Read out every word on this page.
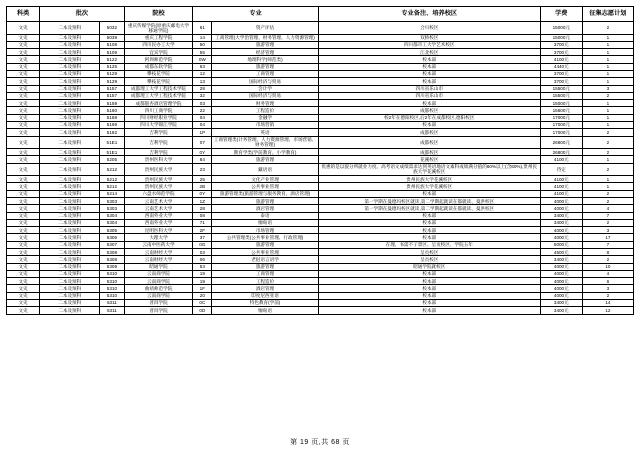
科类	批次		院校	专业		专业备注、培养校区	学费	征集志愿计划
文史	二本及预科	5032	重庆传媒学院(原重庆邮电大学移通学院)	61	资产评估	合川校区	15000元	2
文史	二本及预科	5039	重庆工程学院	14	工商管理(大学治管理、财务管理、人力资源管理)	双桥校区	15000元	1
文史	二本及预科	5108	四川民办工大学	50	旅游管理	四川都市工大学艺术校区	3700元	1
文史	二本及预科	5109	宜宾学院	55	经济管理	江北校区	3700元	1
文史	二本及预科	5122	阿坝师范学院	0W	地理科学(师范类)	校本部	4100元	1
文史	二本及预科	5125	成都东软学院	63	旅游管理	校本部	4440元	1
文史	二本及预科	5129	攀枝花学院	12	工商管理	校本部	3700元	1
文史	二本及预科	5129	攀枝花学院	13	国际经济与贸易	校本部	3700元	1
文史	二本及预科	5157	成都理工大学工程技术学院	28	会计学	四川省乐山市	15500元	3
文史	二本及预科	5157	成都理工大学工程技术学院	32	国际经济与贸易	四川省乐山市	15500元	2
文史	二本及预科	5159	成都银杏酒店管理学院	03	财务管理	校本部	15000元	1
文史	二本及预科	5160	四川工商学院	22	工程造价	成都校区	15600元	1
文史	二本及预科	5168	四川财经职业学院	04	金融学	校2年在德阳校区,后2年在成都校区,德阳校区	17000元	1
文史	二本及预科	5169	四川大学锦江学院	04	市场营销	校本部	17000元	1
文史	二本及预科	5182	吉利学院	1P	英语	成都校区	17000元	2
文史	二本及预科	51E1	吉利学院	07	工商管理类(计务管理、人力资源管理、市场营销、财务管理)	成都校区	26800元	2
文史	二本及预科	51E1	吉利学院	0Y	教育学类(学前教育、小学教育)	成都校区	26800元	2
文史	二本及预科	5205	贵州医科大学	84	旅游管理	花溪校区	4100元	1
文史	二本及预科	5212	贵州民族大学	23	藏语语	优惠的是以貌分所就业力度、高考语文成绩需求达到英语地语文素科成绩满分值的60%以上(含60%),贵州民族大学花溪校区	待定	2
文史	二本及预科	5212	贵州民族大学	25	文化产业管理	贵州民族大学花溪校区	4100元	1
文史	二本及预科	5212	贵州民族大学	2B	公共事业管理	贵州民族大学花溪校区	4100元	1
文史	二本及预科	5214	六盘水师范学院	0Y	旅游管理类(旅游管理与服务教育、酒店管理)	校本部	4100元	2
文史	二本及预科	5303	云南艺术大学	1Z	旅游管理	第一学期在曼德玛校区就读,第二学期起就读在都就读、曼洪校区	4000元	2
文史	二本及预科	5303	云南艺术大学	28	酒店管理	第一学期在曼德玛校区就读,第二学期起就读在都就读、曼洪校区	4000元	4
文史	二本及预科	5304	西南外业大学	08	泰语	校本部	3400元	7
文史	二本及预科	5304	西南外业大学	71	缅甸语	校本部	3400元	2
文史	二本及预科	5305	昆明医科大学	2F	市场管理	校本部	4000元	3
文史	二本及预科	5306	大理大学	37	公共管理类(公共事业管理、行政管理)	校本部	4000元	17
文史	二本及预科	5307	云南中医药大学	0G	旅游管理	在理、书需不子景区、呈贡校区、学院五年	5000元	7
文史	二本及预科	5308	云南财经大学	03	公共事业管理	呈贡校区	4500元	8
文史	二本及预科	5308	云南财经大学	06	老挝语言语学	呈贡校区	3400元	2
文史	二本及预科	5309	昭通学院	53	旅游管理	昭通学院就校区	4000元	10
文史	二本及预科	5310	云南商学院	19	工商管理	校本部	4000元	4
文史	二本及预科	5310	云南商学院	19	工程造价	校本部	4000元	6
文史	二本及预科	5310	曲靖师范学院	1F	酒店管理	校本部	4000元	3
文史	二本及预科	5310	云南商学院	20	印度尼西亚语	校本部	4000元	2
文史	二本及预科	5311	普洱学院	0C	特色教育(学前)	校本部	3400元	14
文史	二本及预科	5311	普洱学院	0D	缅甸语	校本部	3400元	12
第 19 页,共 68 页
